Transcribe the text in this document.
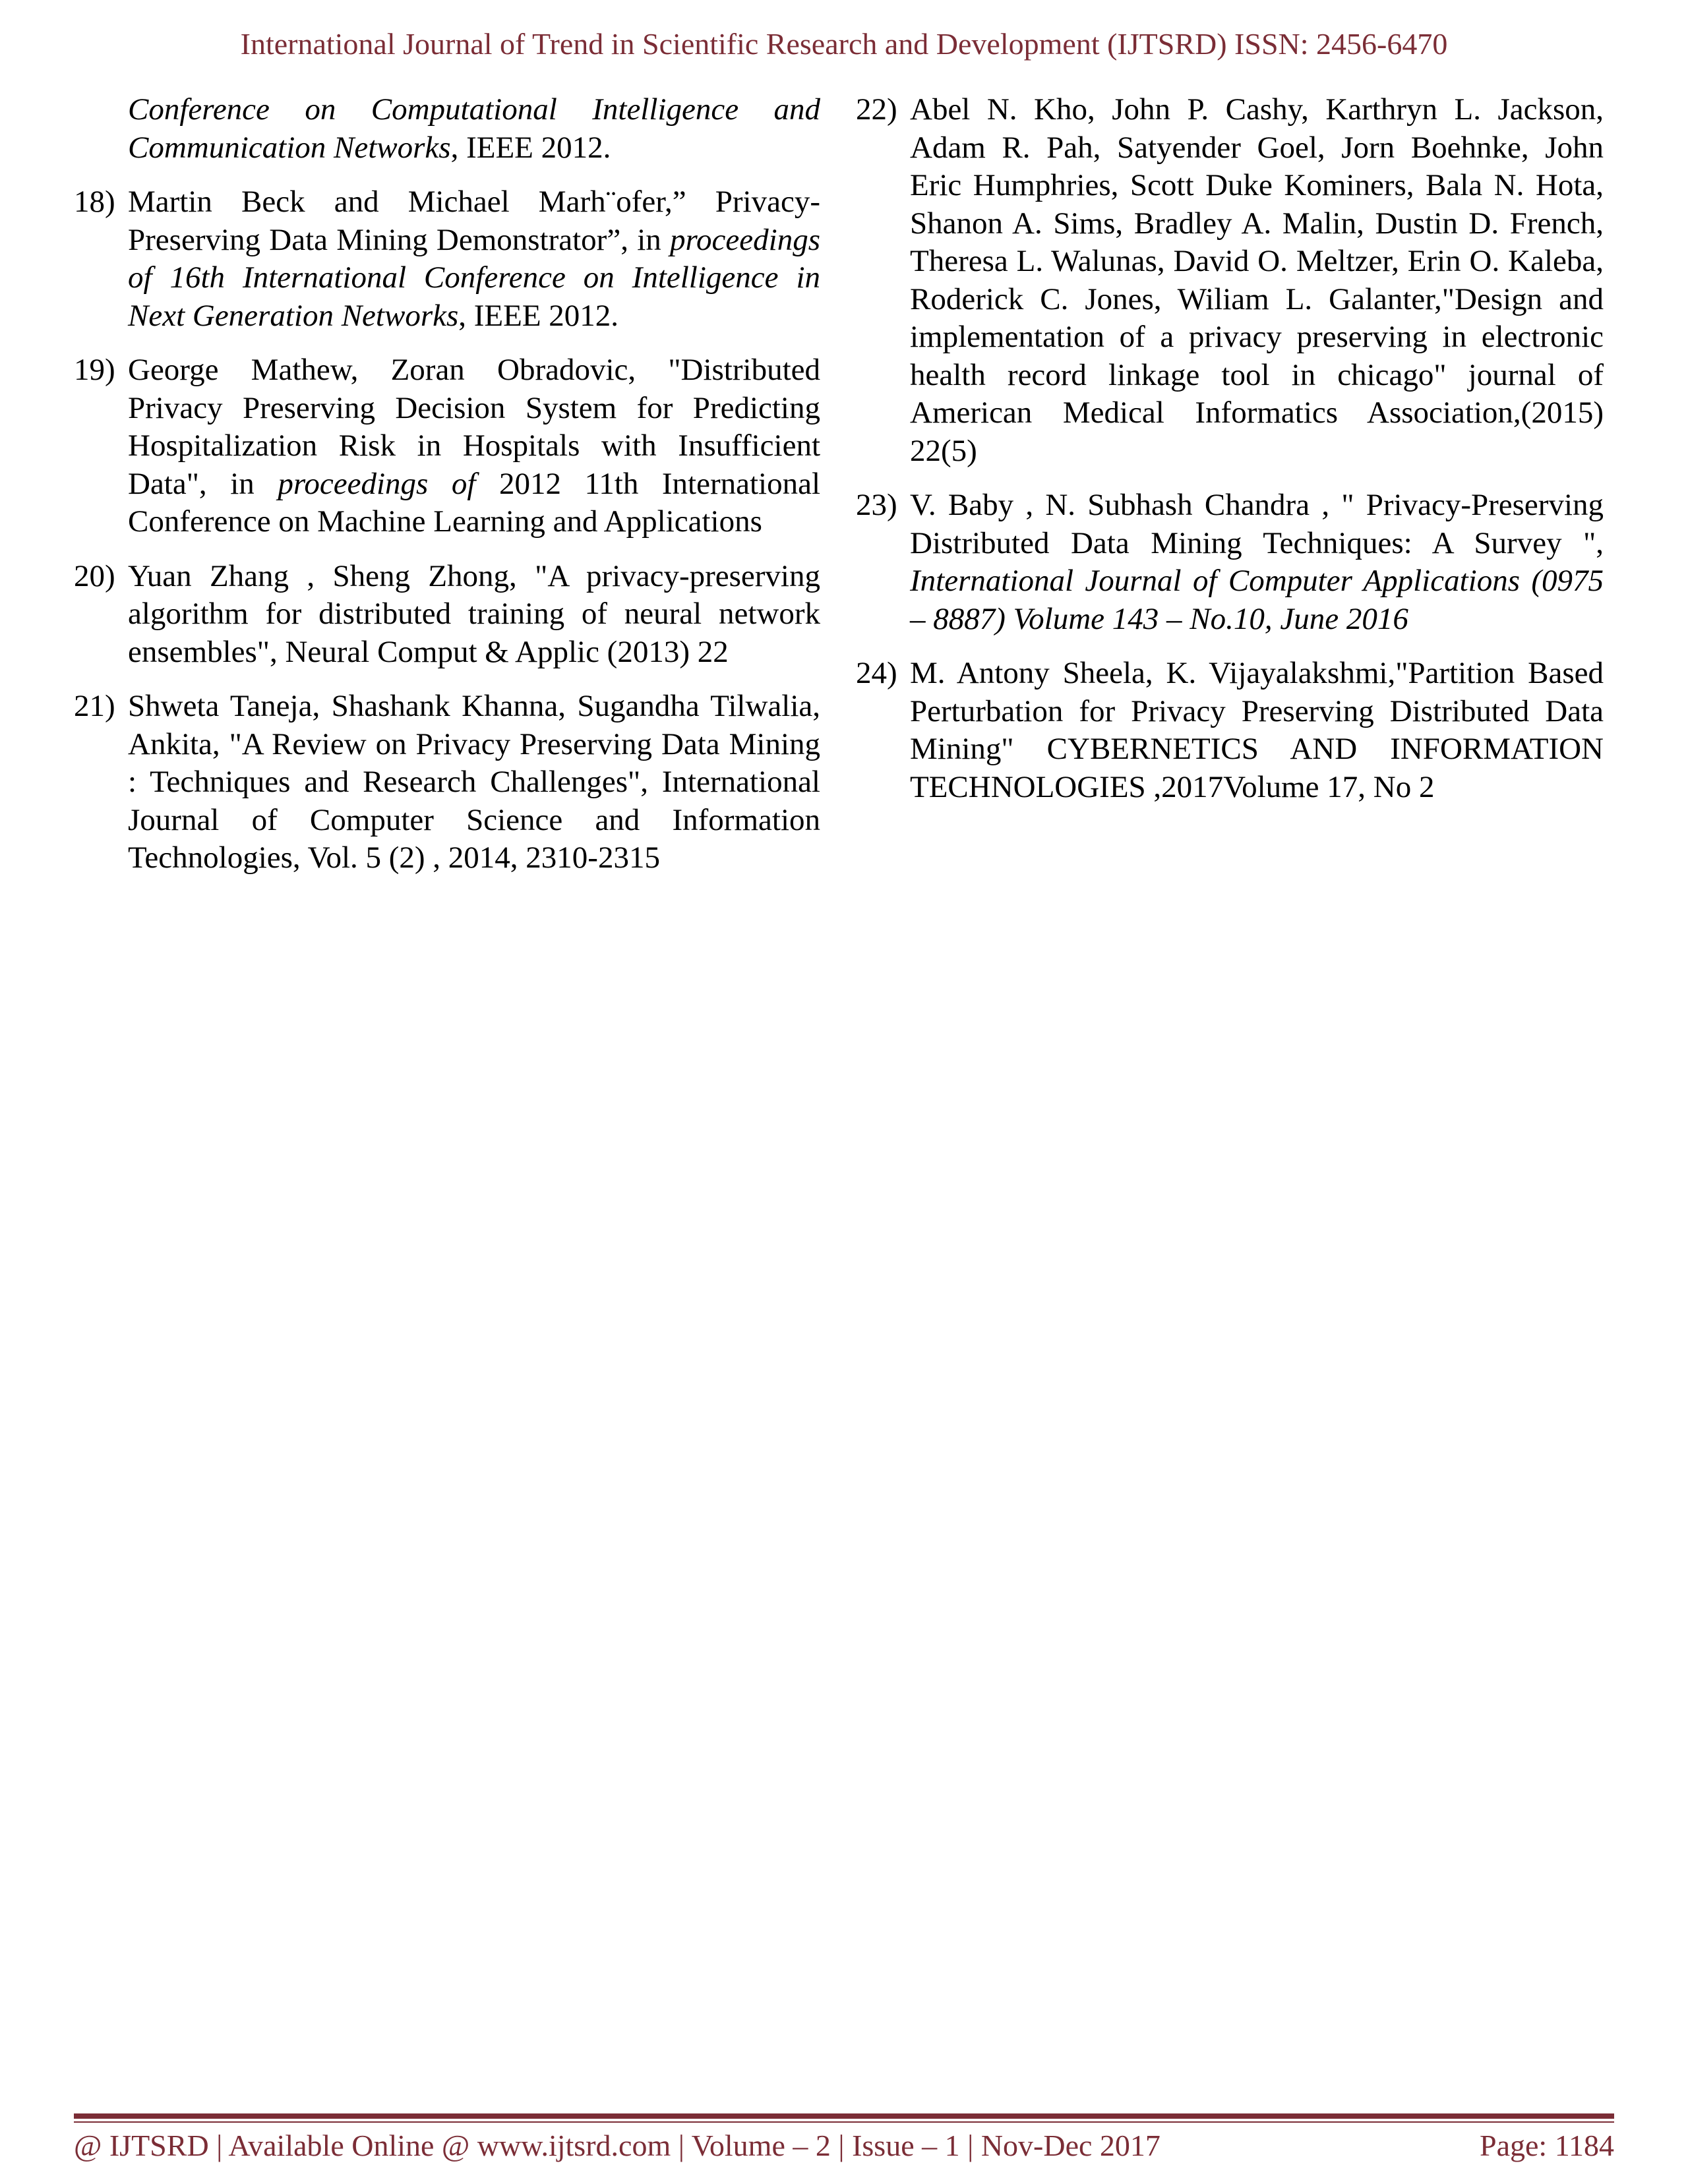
International Journal of Trend in Scientific Research and Development (IJTSRD) ISSN: 2456-6470
Conference on Computational Intelligence and Communication Networks, IEEE 2012.
18) Martin Beck and Michael Marh¨ofer,” Privacy-Preserving Data Mining Demonstrator”, in proceedings of 16th International Conference on Intelligence in Next Generation Networks, IEEE 2012.
19) George Mathew, Zoran Obradovic, "Distributed Privacy Preserving Decision System for Predicting Hospitalization Risk in Hospitals with Insufficient Data", in proceedings of 2012 11th International Conference on Machine Learning and Applications
20) Yuan Zhang , Sheng Zhong, "A privacy-preserving algorithm for distributed training of neural network ensembles", Neural Comput & Applic (2013) 22
21) Shweta Taneja, Shashank Khanna, Sugandha Tilwalia, Ankita, "A Review on Privacy Preserving Data Mining : Techniques and Research Challenges", International Journal of Computer Science and Information Technologies, Vol. 5 (2) , 2014, 2310-2315
22) Abel N. Kho, John P. Cashy, Karthryn L. Jackson, Adam R. Pah, Satyender Goel, Jorn Boehnke, John Eric Humphries, Scott Duke Kominers, Bala N. Hota, Shanon A. Sims, Bradley A. Malin, Dustin D. French, Theresa L. Walunas, David O. Meltzer, Erin O. Kaleba, Roderick C. Jones, Wiliam L. Galanter,"Design and implementation of a privacy preserving in electronic health record linkage tool in chicago" journal of American Medical Informatics Association,(2015) 22(5)
23) V. Baby , N. Subhash Chandra , " Privacy-Preserving Distributed Data Mining Techniques: A Survey ", International Journal of Computer Applications (0975 – 8887) Volume 143 – No.10, June 2016
24) M. Antony Sheela, K. Vijayalakshmi,"Partition Based Perturbation for Privacy Preserving Distributed Data Mining" CYBERNETICS AND INFORMATION TECHNOLOGIES ,2017Volume 17, No 2
@ IJTSRD | Available Online @ www.ijtsrd.com | Volume – 2 | Issue – 1 | Nov-Dec 2017	Page: 1184
